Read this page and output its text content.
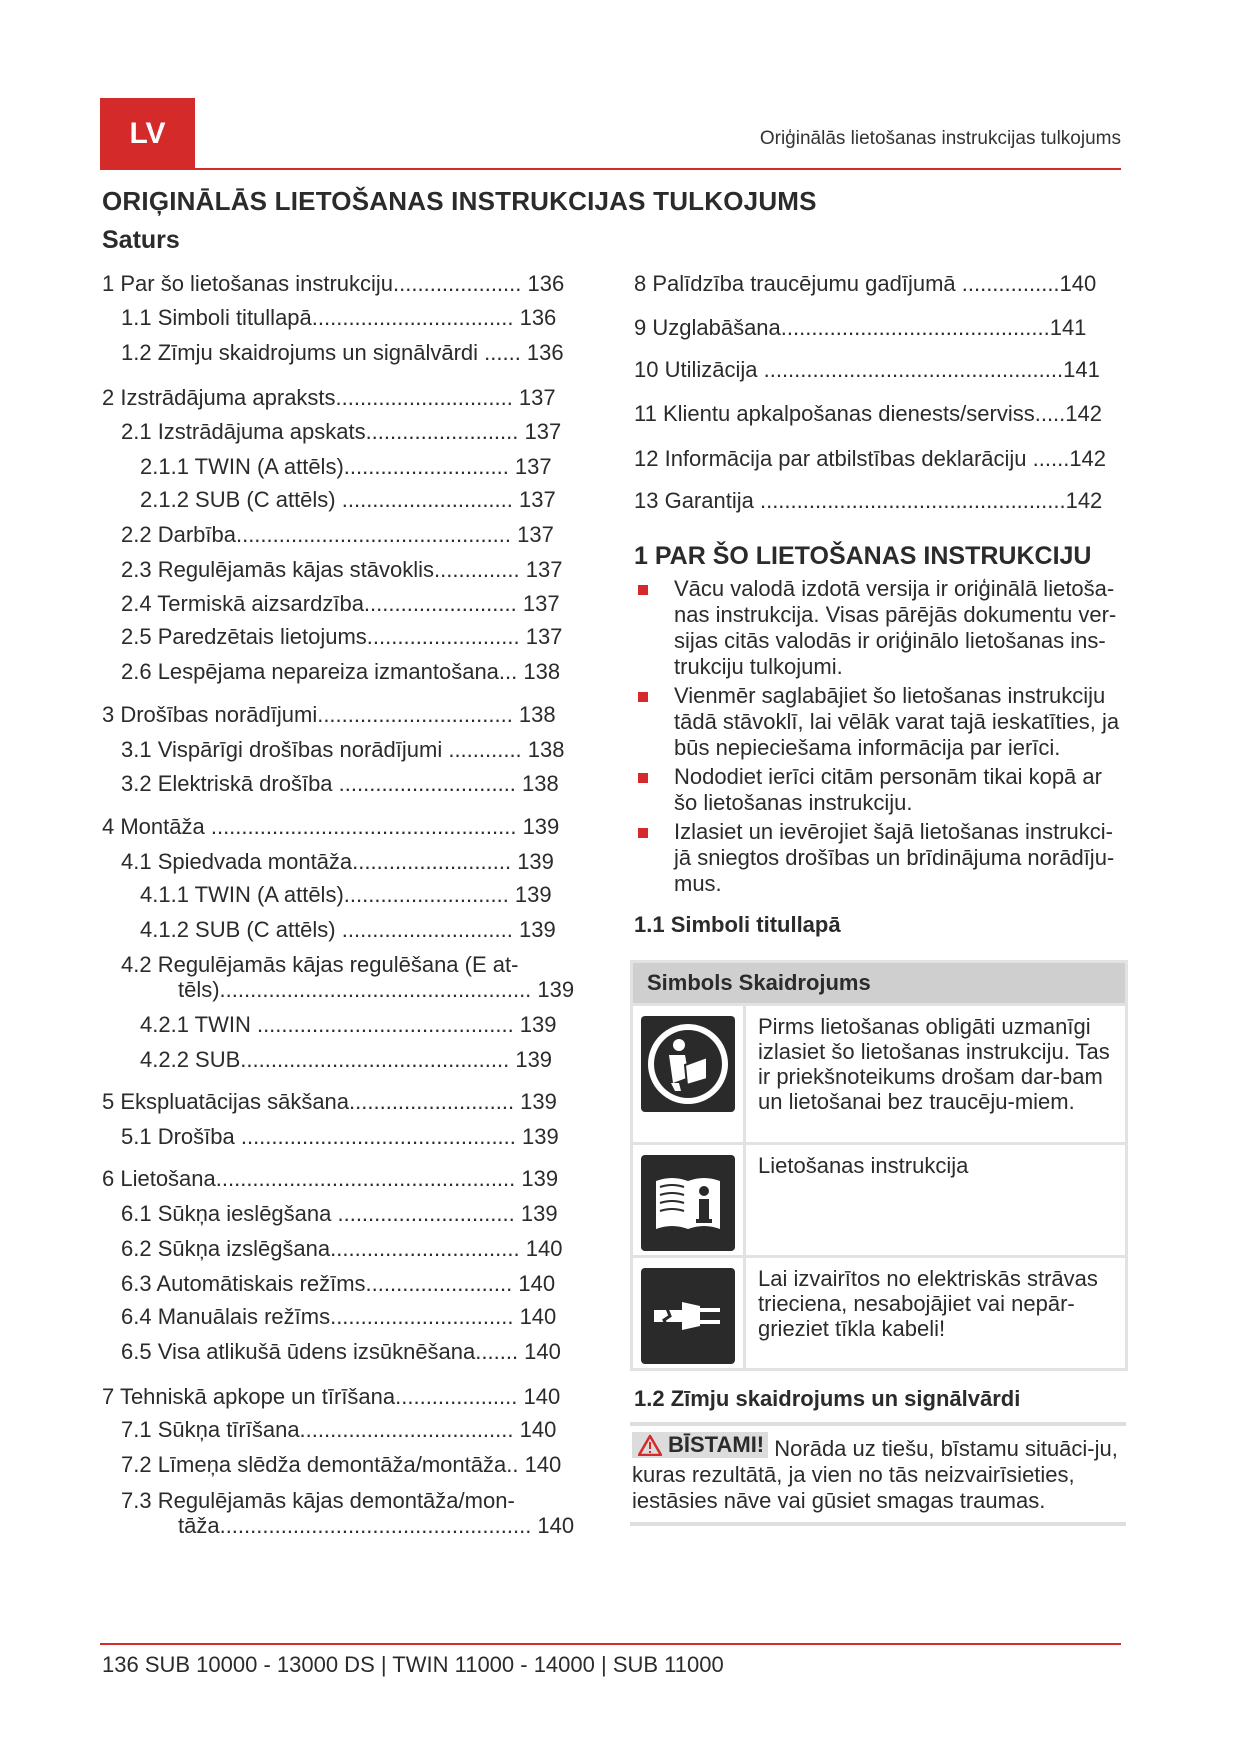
LV	Oriģinālās lietošanas instrukcijas tulkojums
ORIĢINĀLĀS LIETOŠANAS INSTRUKCIJAS TULKOJUMS
Saturs
1 Par šo lietošanas instrukciju..................... 136
1.1 Simboli titullapā................................. 136
1.2 Zīmju skaidrojums un signālvārdi ...... 136
2 Izstrādājuma apraksts............................. 137
2.1 Izstrādājuma apskats......................... 137
2.1.1 TWIN (A attēls)........................... 137
2.1.2 SUB (C attēls) ............................ 137
2.2 Darbība............................................. 137
2.3 Regulējamās kājas stāvoklis.............. 137
2.4 Termiskā aizsardzība......................... 137
2.5 Paredzētais lietojums......................... 137
2.6 Lespējama nepareiza izmantošana... 138
3 Drošības norādījumi................................ 138
3.1 Vispārīgi drošības norādījumi ............ 138
3.2 Elektriskā drošība ............................. 138
4 Montāža .................................................. 139
4.1 Spiedvada montāža.......................... 139
4.1.1 TWIN (A attēls)........................... 139
4.1.2 SUB (C attēls) ............................ 139
4.2 Regulējamās kājas regulēšana (E at-
tēls)................................................... 139
4.2.1 TWIN .......................................... 139
4.2.2 SUB............................................ 139
5 Ekspluatācijas sākšana........................... 139
5.1 Drošība ............................................. 139
6 Lietošana................................................. 139
6.1 Sūkņa ieslēgšana ............................. 139
6.2 Sūkņa izslēgšana............................... 140
6.3 Automātiskais režīms........................ 140
6.4 Manuālais režīms.............................. 140
6.5 Visa atlikušā ūdens izsūknēšana....... 140
7 Tehniskā apkope un tīrīšana.................... 140
7.1 Sūkņa tīrīšana................................... 140
7.2 Līmeņa slēdža demontāža/montāža.. 140
7.3 Regulējamās kājas demontāža/mon-
tāža................................................... 140
8 Palīdzība traucējumu gadījumā ................140
9 Uzglabāšana............................................141
10 Utilizācija .................................................141
11 Klientu apkalpošanas dienests/serviss.....142
12 Informācija par atbilstības deklarāciju ......142
13 Garantija ..................................................142
1 PAR ŠO LIETOŠANAS INSTRUKCIJU
Vācu valodā izdotā versija ir oriģinālā lietoša-nas instrukcija. Visas pārējās dokumentu ver-sijas citās valodās ir oriģinālo lietošanas ins-trukciju tulkojumi.
Vienmēr saglabājiet šo lietošanas instrukciju tādā stāvoklī, lai vēlāk varat tajā ieskatīties, ja būs nepieciešama informācija par ierīci.
Nododiet ierīci citām personām tikai kopā ar šo lietošanas instrukciju.
Izlasiet un ievērojiet šajā lietošanas instrukci-jā sniegtos drošības un brīdinājuma norādīju-mus.
1.1 Simboli titullapā
Simbols Skaidrojums
Pirms lietošanas obligāti uzmanīgi izlasiet šo lietošanas instrukciju. Tas ir priekšnoteikums drošam dar-bam un lietošanai bez traucēju-miem.
Lietošanas instrukcija
Lai izvairītos no elektriskās strāvas trieciena, nesabojājiet vai nepār-grieziet tīkla kabeli!
1.2 Zīmju skaidrojums un signālvārdi
BĪSTAMI! Norāda uz tiešu, bīstamu situāci-ju, kuras rezultātā, ja vien no tās neizvairīsieties, iestāsies nāve vai gūsiet smagas traumas.
136 SUB 10000 - 13000 DS | TWIN 11000 - 14000 | SUB 11000
